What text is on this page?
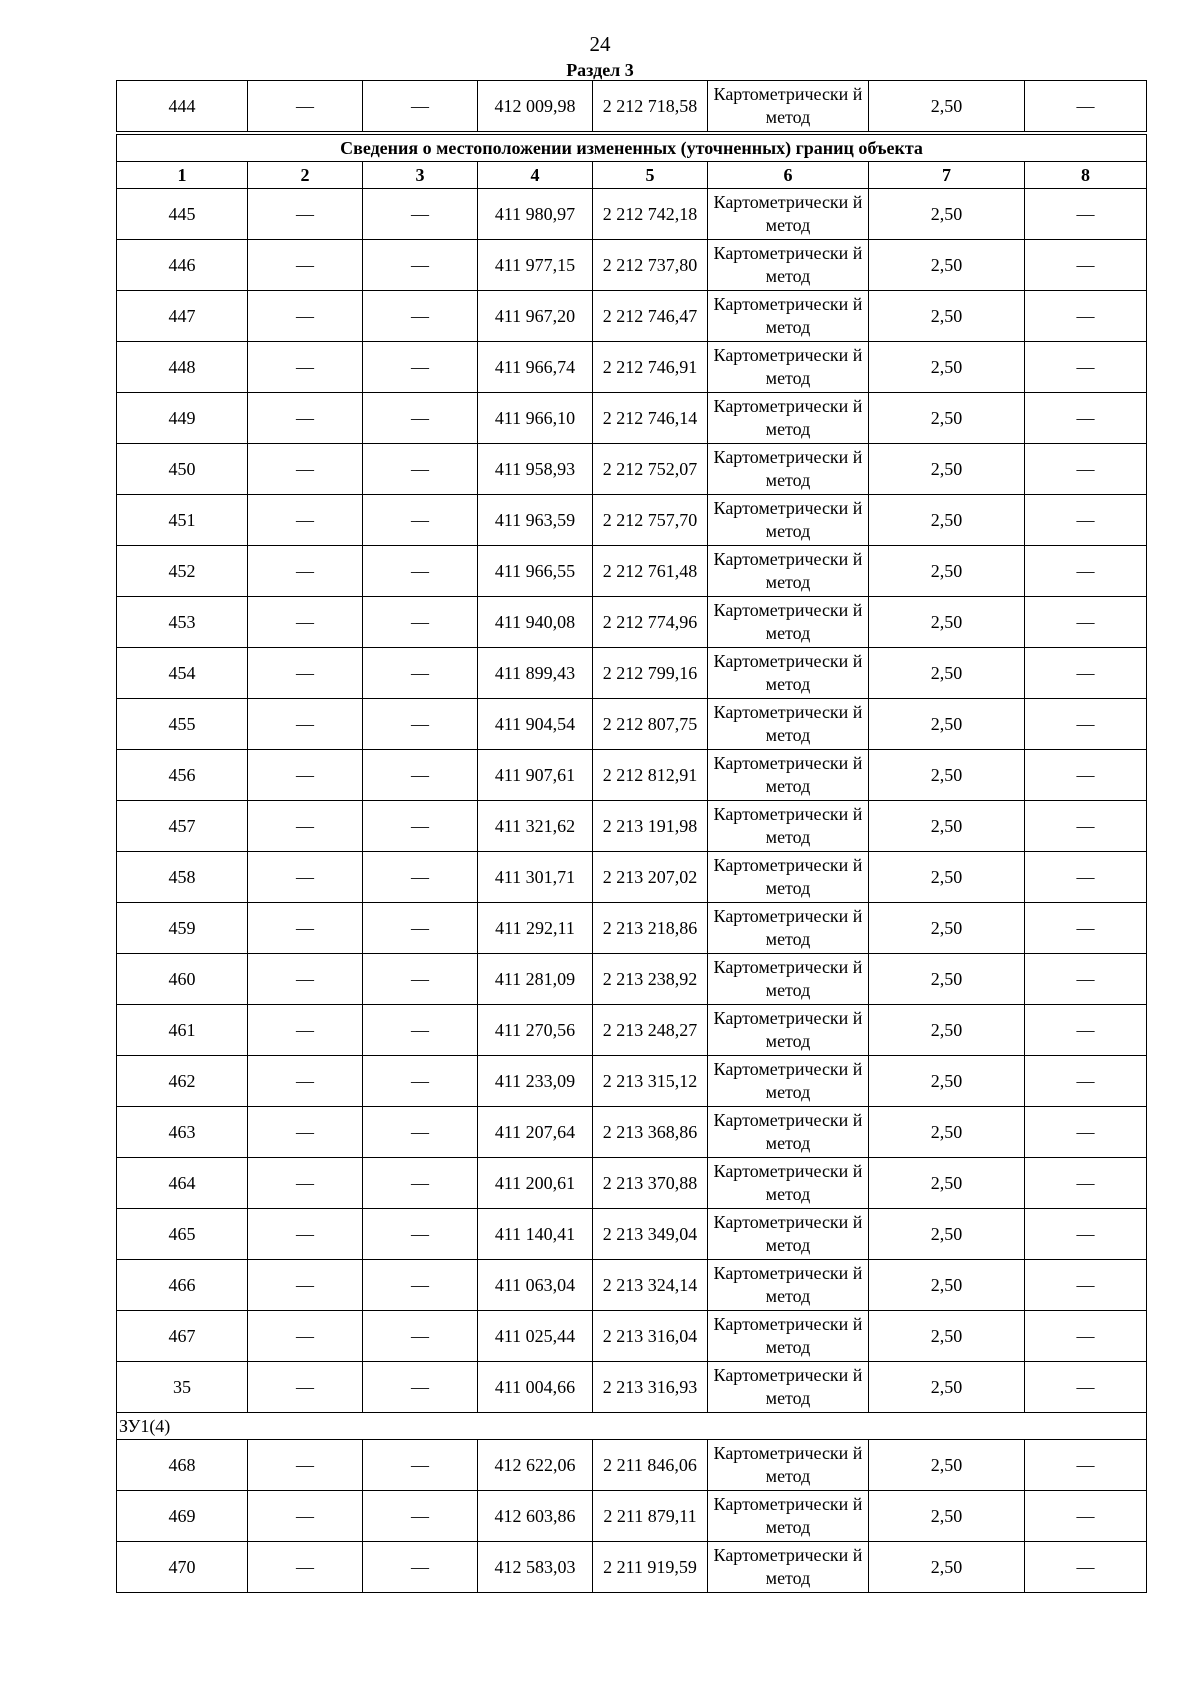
24
Раздел 3
444	—	—	412 009,98	2 212 718,58	Картометрически й метод	2,50	—

Сведения о местоположении измененных (уточненных) границ объекта							
1	2	3	4	5	6	7	8
445	—	—	411 980,97	2 212 742,18	Картометрически й метод	2,50	—
446	—	—	411 977,15	2 212 737,80	Картометрически й метод	2,50	—
447	—	—	411 967,20	2 212 746,47	Картометрически й метод	2,50	—
448	—	—	411 966,74	2 212 746,91	Картометрически й метод	2,50	—
449	—	—	411 966,10	2 212 746,14	Картометрически й метод	2,50	—
450	—	—	411 958,93	2 212 752,07	Картометрически й метод	2,50	—
451	—	—	411 963,59	2 212 757,70	Картометрически й метод	2,50	—
452	—	—	411 966,55	2 212 761,48	Картометрически й метод	2,50	—
453	—	—	411 940,08	2 212 774,96	Картометрически й метод	2,50	—
454	—	—	411 899,43	2 212 799,16	Картометрически й метод	2,50	—
455	—	—	411 904,54	2 212 807,75	Картометрически й метод	2,50	—
456	—	—	411 907,61	2 212 812,91	Картометрически й метод	2,50	—
457	—	—	411 321,62	2 213 191,98	Картометрически й метод	2,50	—
458	—	—	411 301,71	2 213 207,02	Картометрически й метод	2,50	—
459	—	—	411 292,11	2 213 218,86	Картометрически й метод	2,50	—
460	—	—	411 281,09	2 213 238,92	Картометрически й метод	2,50	—
461	—	—	411 270,56	2 213 248,27	Картометрически й метод	2,50	—
462	—	—	411 233,09	2 213 315,12	Картометрически й метод	2,50	—
463	—	—	411 207,64	2 213 368,86	Картометрически й метод	2,50	—
464	—	—	411 200,61	2 213 370,88	Картометрически й метод	2,50	—
465	—	—	411 140,41	2 213 349,04	Картометрически й метод	2,50	—
466	—	—	411 063,04	2 213 324,14	Картометрически й метод	2,50	—
467	—	—	411 025,44	2 213 316,04	Картометрически й метод	2,50	—
35	—	—	411 004,66	2 213 316,93	Картометрически й метод	2,50	—
ЗУ1(4)							
468	—	—	412 622,06	2 211 846,06	Картометрически й метод	2,50	—
469	—	—	412 603,86	2 211 879,11	Картометрически й метод	2,50	—
470	—	—	412 583,03	2 211 919,59	Картометрически й метод	2,50	—
